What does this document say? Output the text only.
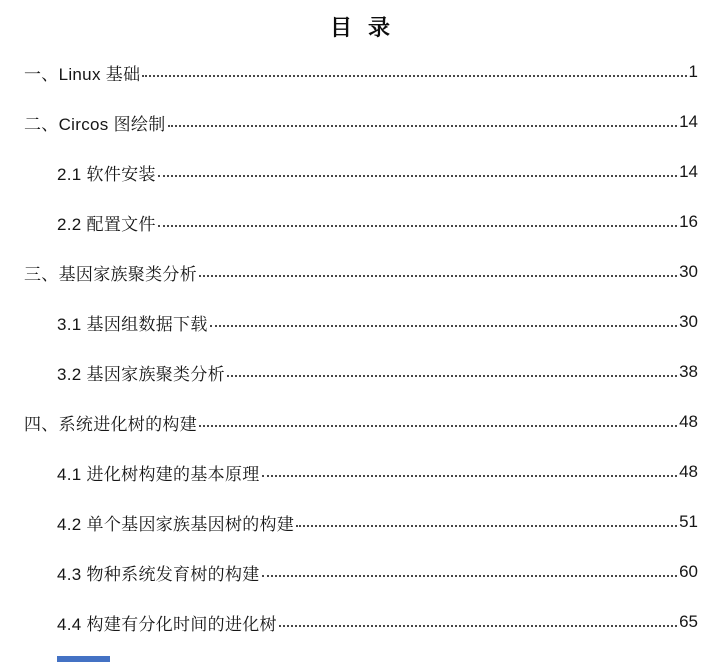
目 录
一、Linux 基础	1
二、Circos 图绘制	14
2.1 软件安装	14
2.2 配置文件	16
三、基因家族聚类分析	30
3.1 基因组数据下载	30
3.2 基因家族聚类分析	38
四、系统进化树的构建	48
4.1 进化树构建的基本原理	48
4.2 单个基因家族基因树的构建	51
4.3 物种系统发育树的构建	60
4.4 构建有分化时间的进化树	65
